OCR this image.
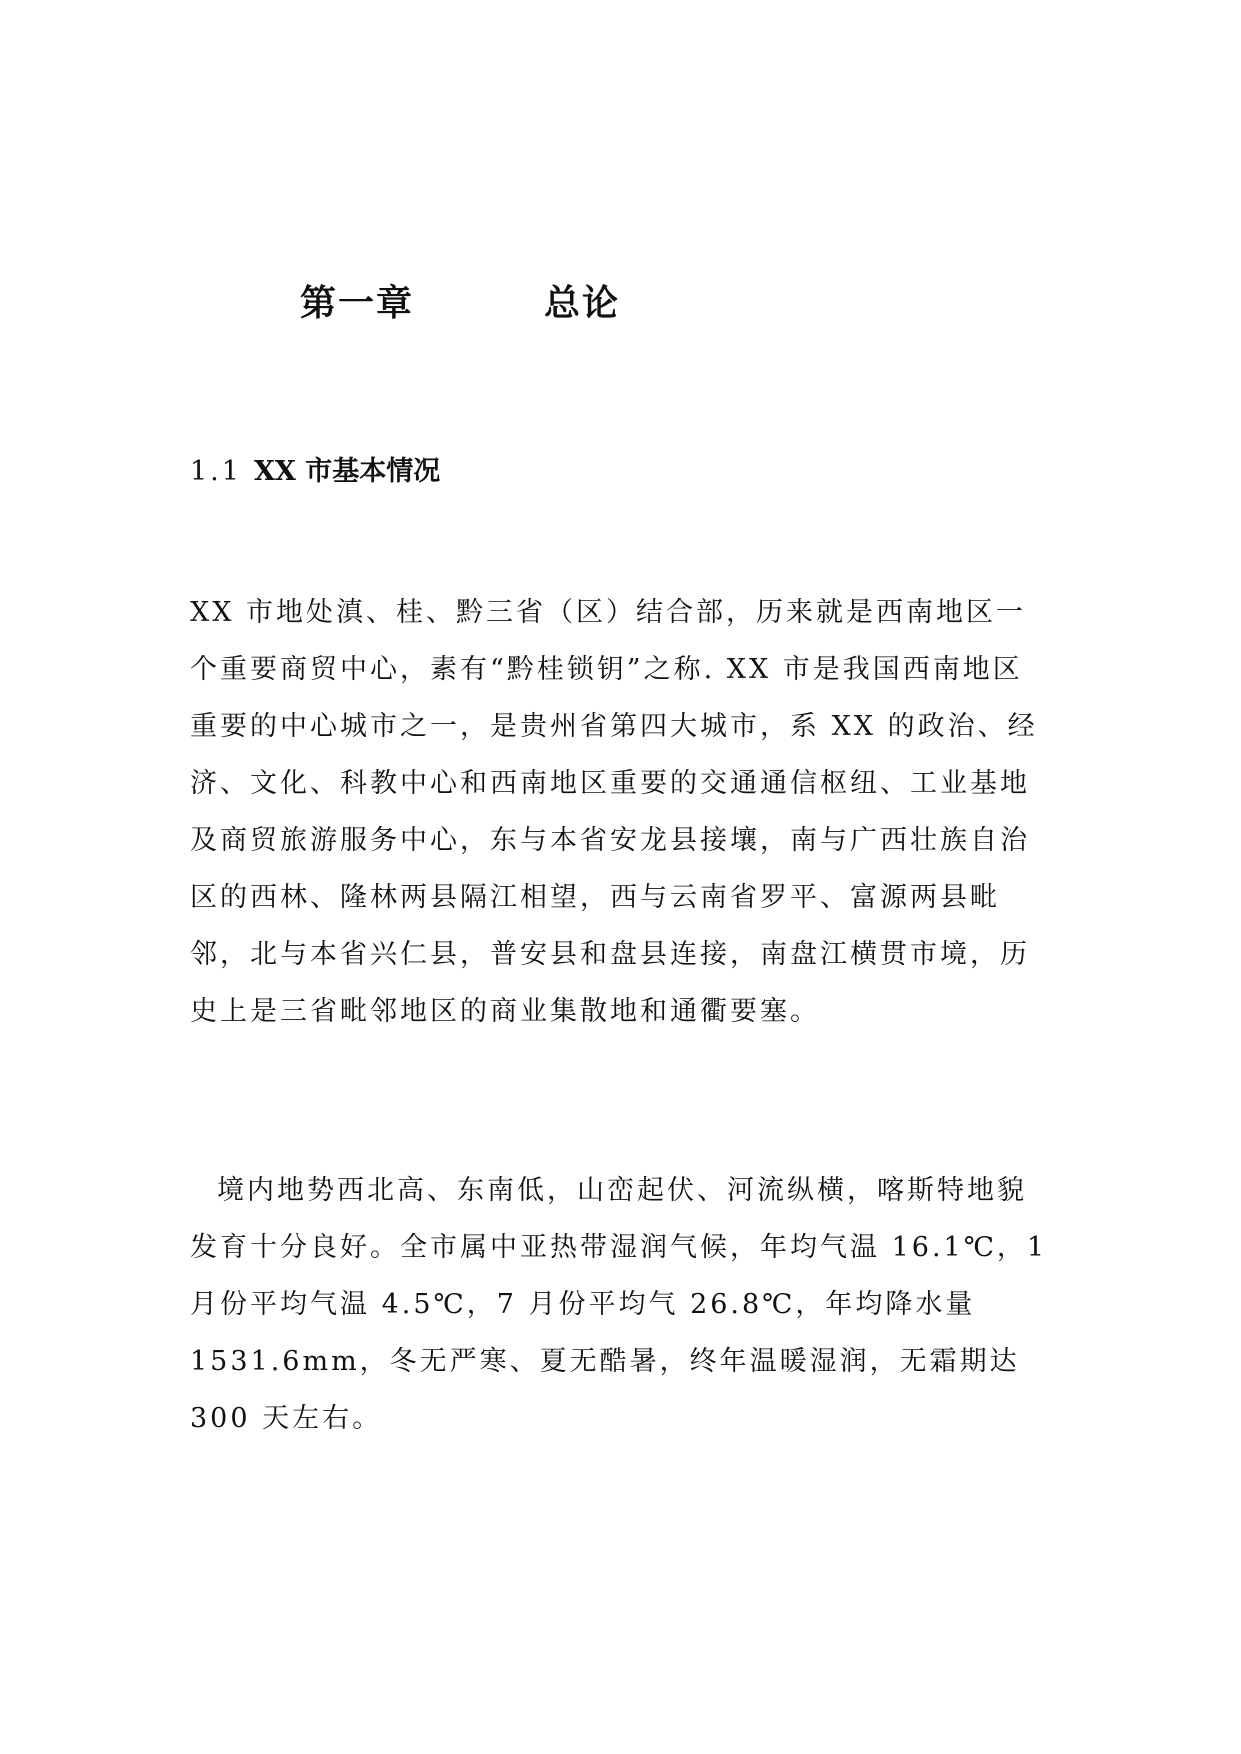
第一章	总论
1.1 XX 市基本情况

XX 市地处滇、桂、黔三省（区）结合部，历来就是西南地区一个重要商贸中心，素有“黔桂锁钥”之称. XX 市是我国西南地区重要的中心城市之一，是贵州省第四大城市，系 XX 的政治、经济、文化、科教中心和西南地区重要的交通通信枢纽、工业基地及商贸旅游服务中心，东与本省安龙县接壤，南与广西壮族自治区的西林、隆林两县隔江相望，西与云南省罗平、富源两县毗邻，北与本省兴仁县，普安县和盘县连接，南盘江横贯市境，历史上是三省毗邻地区的商业集散地和通衢要塞。

境内地势西北高、东南低，山峦起伏、河流纵横，喀斯特地貌发育十分良好。全市属中亚热带湿润气候，年均气温 16.1℃，1 月份平均气温 4.5℃，7 月份平均气 26.8℃，年均降水量 1531.6mm，冬无严寒、夏无酷暑，终年温暖湿润，无霜期达 300 天左右。
